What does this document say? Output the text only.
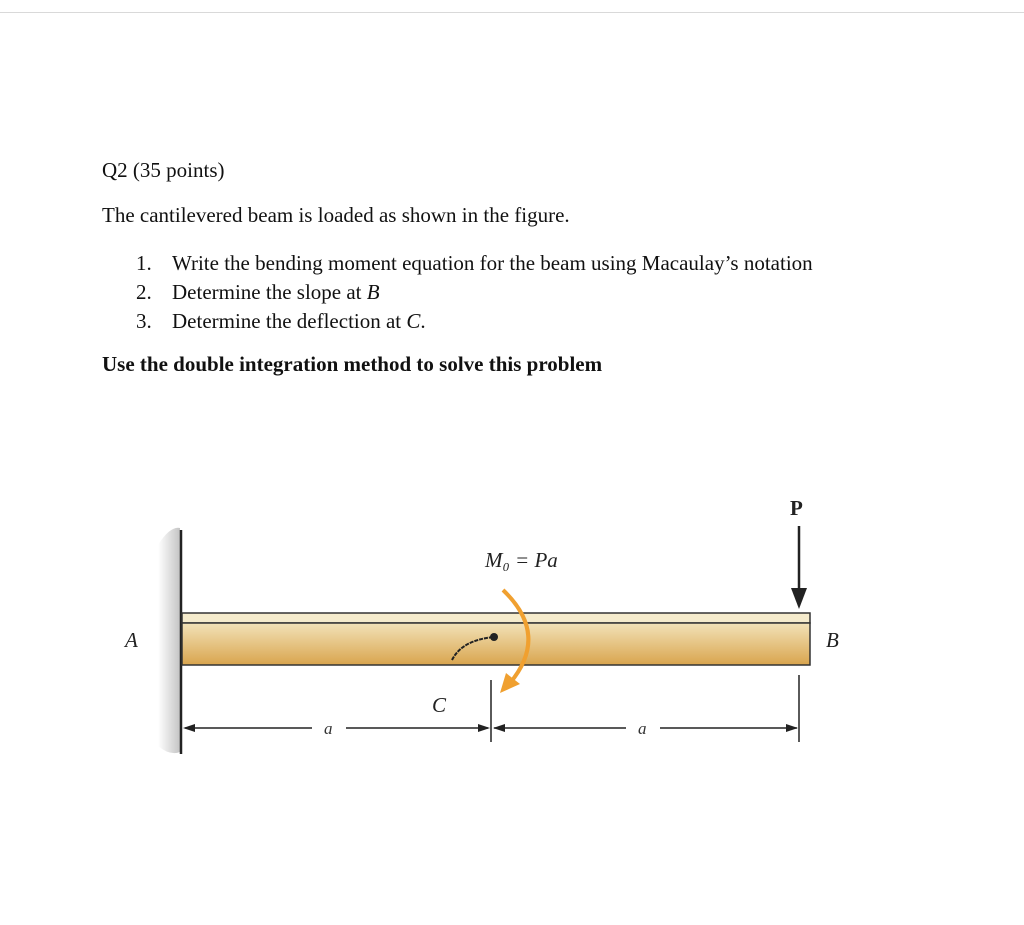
Q2 (35 points)
The cantilevered beam is loaded as shown in the figure.
1. Write the bending moment equation for the beam using Macaulay’s notation
2. Determine the slope at B
3. Determine the deflection at C.
Use the double integration method to solve this problem
P
M₀ = Pa
A	B
C
a	a
